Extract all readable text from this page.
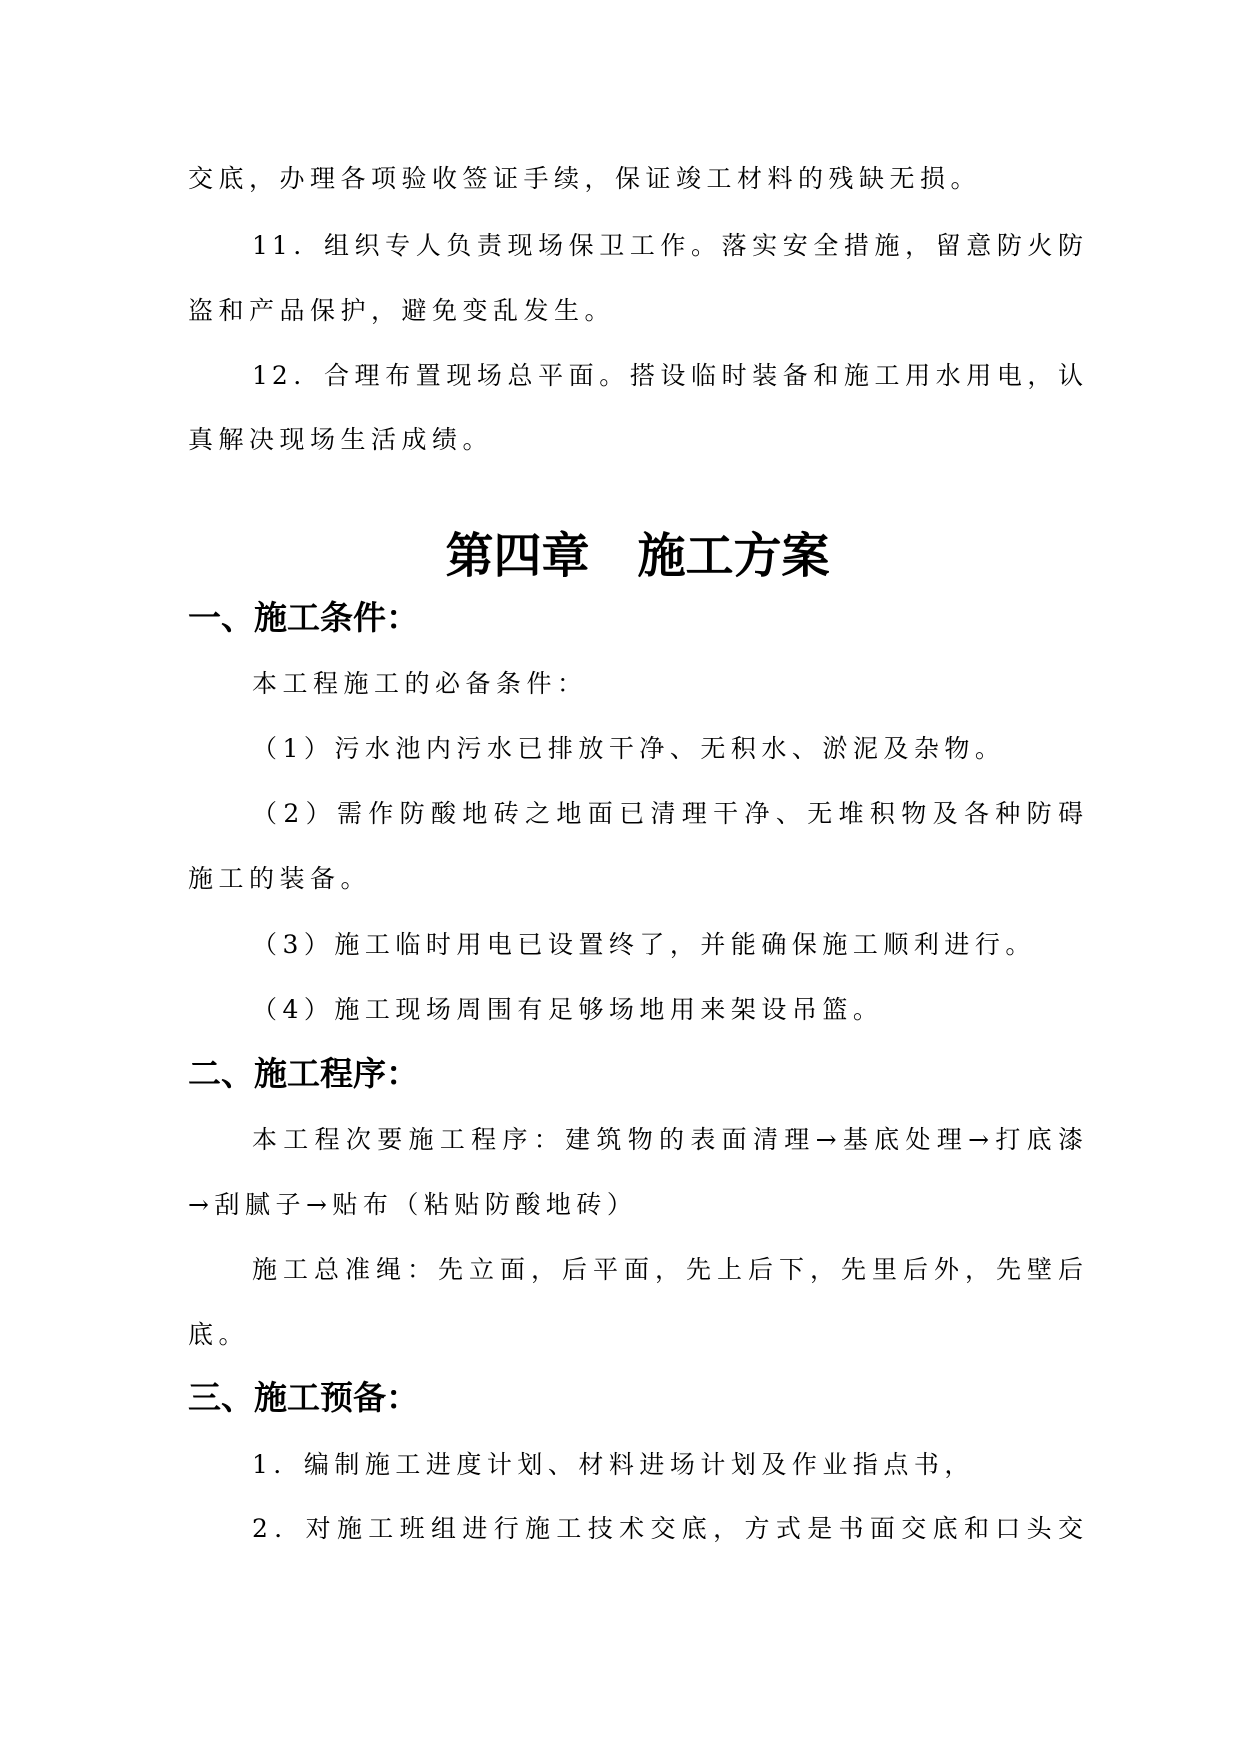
交底，办理各项验收签证手续，保证竣工材料的残缺无损。
11．组织专人负责现场保卫工作。落实安全措施，留意防火防
盗和产品保护，避免变乱发生。
12．合理布置现场总平面。搭设临时装备和施工用水用电，认
真解决现场生活成绩。
第四章　施工方案
一、施工条件：
本工程施工的必备条件：
（1）污水池内污水已排放干净、无积水、淤泥及杂物。
（2）需作防酸地砖之地面已清理干净、无堆积物及各种防碍
施工的装备。
（3）施工临时用电已设置终了，并能确保施工顺利进行。
（4）施工现场周围有足够场地用来架设吊篮。
二、施工程序：
本工程次要施工程序：建筑物的表面清理→基底处理→打底漆
→刮腻子→贴布（粘贴防酸地砖）
施工总准绳：先立面，后平面，先上后下，先里后外，先壁后
底。
三、施工预备：
1．编制施工进度计划、材料进场计划及作业指点书，
2．对施工班组进行施工技术交底，方式是书面交底和口头交
